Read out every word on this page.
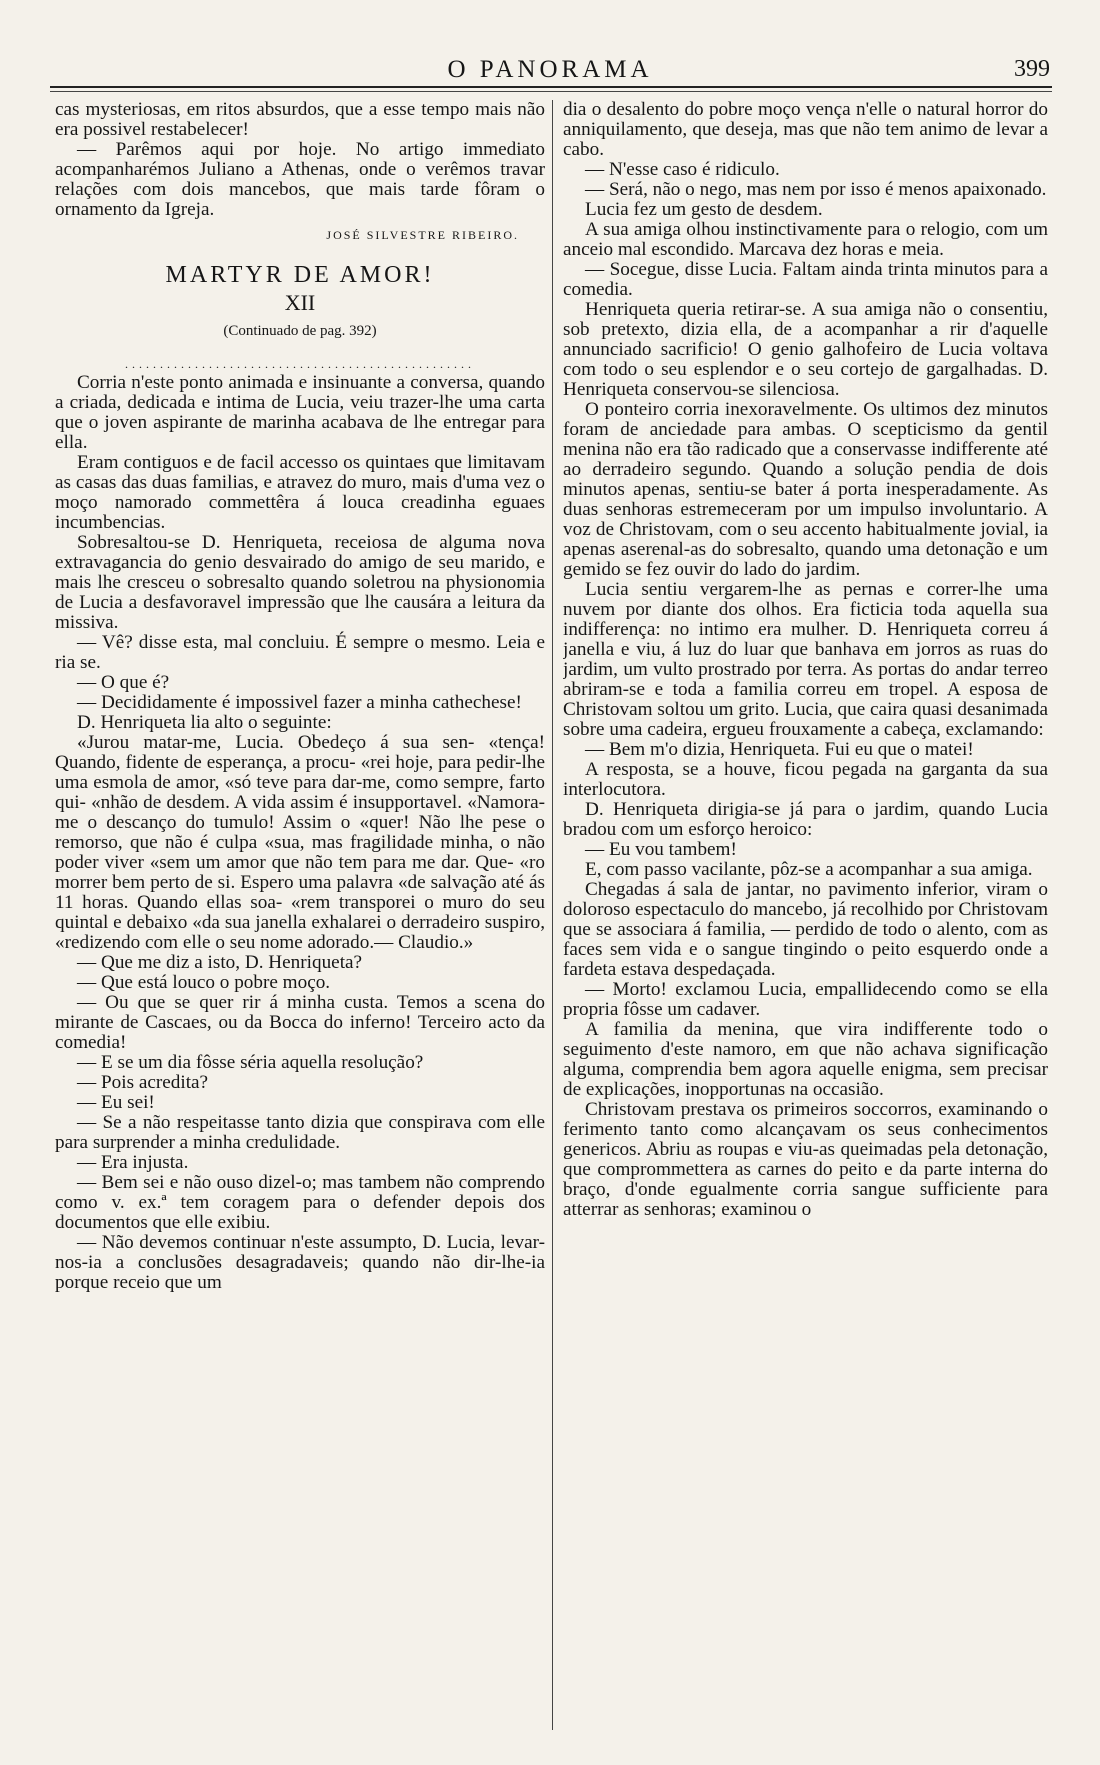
O PANORAMA	399

cas mysteriosas, em ritos absurdos, que a esse tempo mais não era possivel restabelecer!

— Parêmos aqui por hoje. No artigo immediato acompanharémos Juliano a Athenas, onde o verêmos travar relações com dois mancebos, que mais tarde fôram o ornamento da Igreja.

JOSÉ SILVESTRE RIBEIRO.
MARTYR DE AMOR!
XII
(Continuado de pag. 392)
..................................................

Corria n'este ponto animada e insinuante a conversa, quando a criada, dedicada e intima de Lucia, veiu trazer-lhe uma carta que o joven aspirante de marinha acabava de lhe entregar para ella.

Eram contiguos e de facil accesso os quintaes que limitavam as casas das duas familias, e atravez do muro, mais d'uma vez o moço namorado commettêra á louca creadinha eguaes incumbencias.

Sobresaltou-se D. Henriqueta, receiosa de alguma nova extravagancia do genio desvairado do amigo de seu marido, e mais lhe cresceu o sobresalto quando soletrou na physionomia de Lucia a desfavoravel impressão que lhe causára a leitura da missiva.

— Vê? disse esta, mal concluiu. É sempre o mesmo. Leia e ria se.

— O que é?

— Decididamente é impossivel fazer a minha cathechese!

D. Henriqueta lia alto o seguinte:

«Jurou matar-me, Lucia. Obedeço á sua sen- «tença! Quando, fidente de esperança, a procu- «rei hoje, para pedir-lhe uma esmola de amor, «só teve para dar-me, como sempre, farto qui- «nhão de desdem. A vida assim é insupportavel. «Namora-me o descanço do tumulo! Assim o «quer! Não lhe pese o remorso, que não é culpa «sua, mas fragilidade minha, o não poder viver «sem um amor que não tem para me dar. Que- «ro morrer bem perto de si. Espero uma palavra «de salvação até ás 11 horas. Quando ellas soa- «rem transporei o muro do seu quintal e debaixo «da sua janella exhalarei o derradeiro suspiro, «redizendo com elle o seu nome adorado.— Claudio.»

— Que me diz a isto, D. Henriqueta?

— Que está louco o pobre moço.

— Ou que se quer rir á minha custa. Temos a scena do mirante de Cascaes, ou da Bocca do inferno! Terceiro acto da comedia!

— E se um dia fôsse séria aquella resolução?

— Pois acredita?

— Eu sei!

— Se a não respeitasse tanto dizia que conspirava com elle para surprender a minha credulidade.

— Era injusta.

— Bem sei e não ouso dizel-o; mas tambem não comprendo como v. ex.ª tem coragem para o defender depois dos documentos que elle exibiu.

— Não devemos continuar n'este assumpto, D. Lucia, levar-nos-ia a conclusões desagradaveis; quando não dir-lhe-ia porque receio que um

dia o desalento do pobre moço vença n'elle o natural horror do anniquilamento, que deseja, mas que não tem animo de levar a cabo.

— N'esse caso é ridiculo.

— Será, não o nego, mas nem por isso é menos apaixonado.

Lucia fez um gesto de desdem.

A sua amiga olhou instinctivamente para o relogio, com um anceio mal escondido. Marcava dez horas e meia.

— Socegue, disse Lucia. Faltam ainda trinta minutos para a comedia.

Henriqueta queria retirar-se. A sua amiga não o consentiu, sob pretexto, dizia ella, de a acompanhar a rir d'aquelle annunciado sacrificio! O genio galhofeiro de Lucia voltava com todo o seu esplendor e o seu cortejo de gargalhadas. D. Henriqueta conservou-se silenciosa.

O ponteiro corria inexoravelmente. Os ultimos dez minutos foram de anciedade para ambas. O scepticismo da gentil menina não era tão radicado que a conservasse indifferente até ao derradeiro segundo. Quando a solução pendia de dois minutos apenas, sentiu-se bater á porta inesperadamente. As duas senhoras estremeceram por um impulso involuntario. A voz de Christovam, com o seu accento habitualmente jovial, ia apenas aserenal-as do sobresalto, quando uma detonação e um gemido se fez ouvir do lado do jardim.

Lucia sentiu vergarem-lhe as pernas e correr-lhe uma nuvem por diante dos olhos. Era ficticia toda aquella sua indifferença: no intimo era mulher. D. Henriqueta correu á janella e viu, á luz do luar que banhava em jorros as ruas do jardim, um vulto prostrado por terra. As portas do andar terreo abriram-se e toda a familia correu em tropel. A esposa de Christovam soltou um grito. Lucia, que caira quasi desanimada sobre uma cadeira, ergueu frouxamente a cabeça, exclamando:

— Bem m'o dizia, Henriqueta. Fui eu que o matei!

A resposta, se a houve, ficou pegada na garganta da sua interlocutora.

D. Henriqueta dirigia-se já para o jardim, quando Lucia bradou com um esforço heroico:

— Eu vou tambem!

E, com passo vacilante, pôz-se a acompanhar a sua amiga.

Chegadas á sala de jantar, no pavimento inferior, viram o doloroso espectaculo do mancebo, já recolhido por Christovam que se associara á familia, — perdido de todo o alento, com as faces sem vida e o sangue tingindo o peito esquerdo onde a fardeta estava despedaçada.

— Morto! exclamou Lucia, empallidecendo como se ella propria fôsse um cadaver.

A familia da menina, que vira indifferente todo o seguimento d'este namoro, em que não achava significação alguma, comprendia bem agora aquelle enigma, sem precisar de explicações, inopportunas na occasião.

Christovam prestava os primeiros soccorros, examinando o ferimento tanto como alcançavam os seus conhecimentos genericos. Abriu as roupas e viu-as queimadas pela detonação, que comprommettera as carnes do peito e da parte interna do braço, d'onde egualmente corria sangue sufficiente para atterrar as senhoras; examinou o
